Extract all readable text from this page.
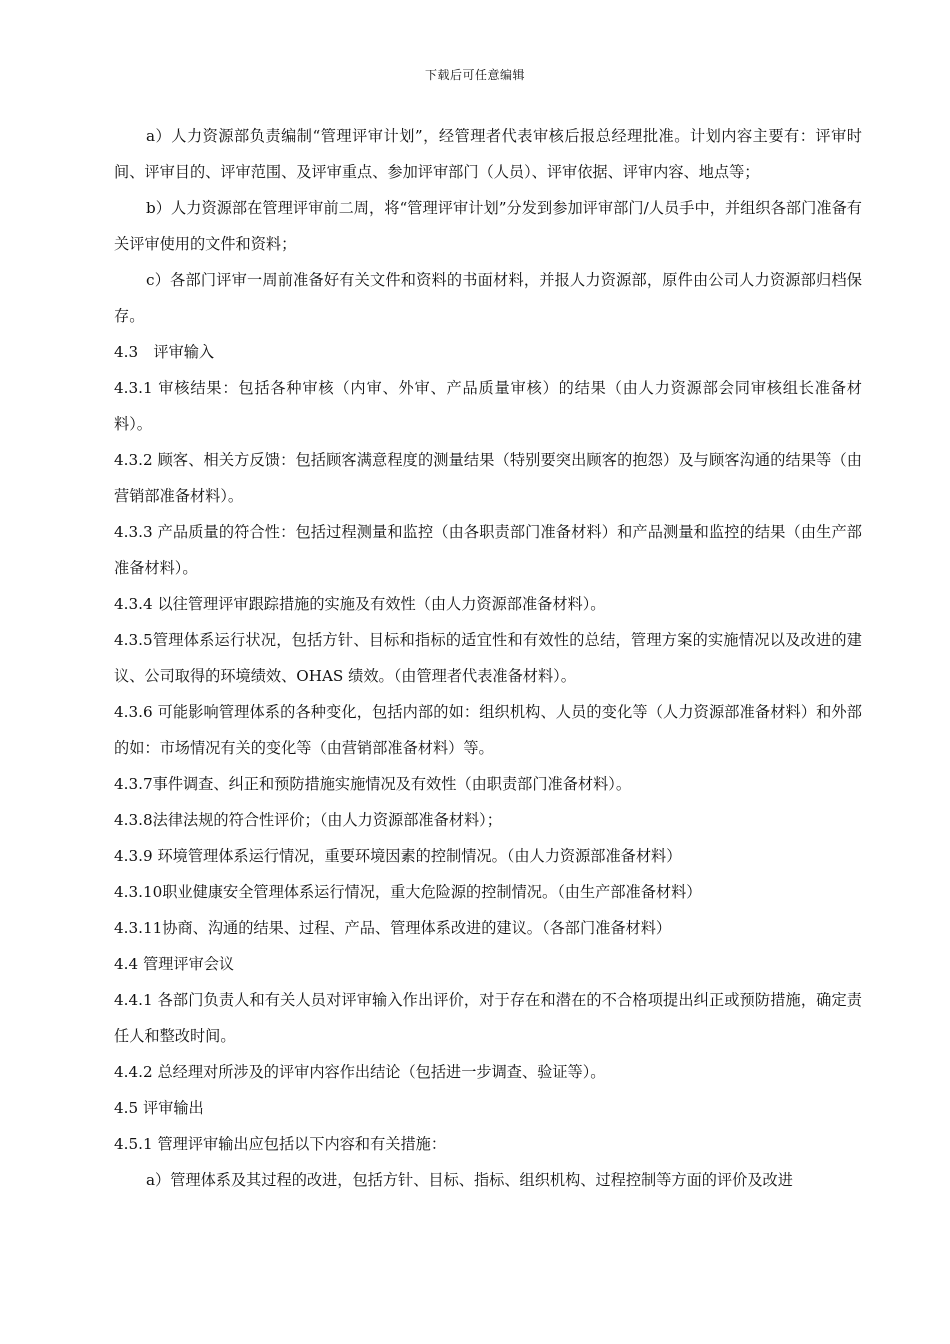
下载后可任意编辑

a）人力资源部负责编制“管理评审计划”，经管理者代表审核后报总经理批准。计划内容主要有：评审时间、评审目的、评审范围、及评审重点、参加评审部门（人员）、评审依据、评审内容、地点等；

b）人力资源部在管理评审前二周，将“管理评审计划”分发到参加评审部门/人员手中，并组织各部门准备有关评审使用的文件和资料；

c）各部门评审一周前准备好有关文件和资料的书面材料，并报人力资源部，原件由公司人力资源部归档保存。

4.3　评审输入

4.3.1 审核结果：包括各种审核（内审、外审、产品质量审核）的结果（由人力资源部会同审核组长准备材料）。

4.3.2 顾客、相关方反馈：包括顾客满意程度的测量结果（特别要突出顾客的抱怨）及与顾客沟通的结果等（由营销部准备材料）。

4.3.3 产品质量的符合性：包括过程测量和监控（由各职责部门准备材料）和产品测量和监控的结果（由生产部准备材料）。

4.3.4 以往管理评审跟踪措施的实施及有效性（由人力资源部准备材料）。

4.3.5管理体系运行状况，包括方针、目标和指标的适宜性和有效性的总结，管理方案的实施情况以及改进的建议、公司取得的环境绩效、OHAS 绩效。（由管理者代表准备材料）。

4.3.6 可能影响管理体系的各种变化，包括内部的如：组织机构、人员的变化等（人力资源部准备材料）和外部的如：市场情况有关的变化等（由营销部准备材料）等。

4.3.7事件调查、纠正和预防措施实施情况及有效性（由职责部门准备材料）。

4.3.8法律法规的符合性评价；（由人力资源部准备材料）；

4.3.9 环境管理体系运行情况，重要环境因素的控制情况。（由人力资源部准备材料）

4.3.10职业健康安全管理体系运行情况，重大危险源的控制情况。（由生产部准备材料）

4.3.11协商、沟通的结果、过程、产品、管理体系改进的建议。（各部门准备材料）

4.4 管理评审会议

4.4.1 各部门负责人和有关人员对评审输入作出评价，对于存在和潜在的不合格项提出纠正或预防措施，确定责任人和整改时间。

4.4.2 总经理对所涉及的评审内容作出结论（包括进一步调查、验证等）。

4.5 评审输出

4.5.1 管理评审输出应包括以下内容和有关措施：

a）管理体系及其过程的改进，包括方针、目标、指标、组织机构、过程控制等方面的评价及改进
